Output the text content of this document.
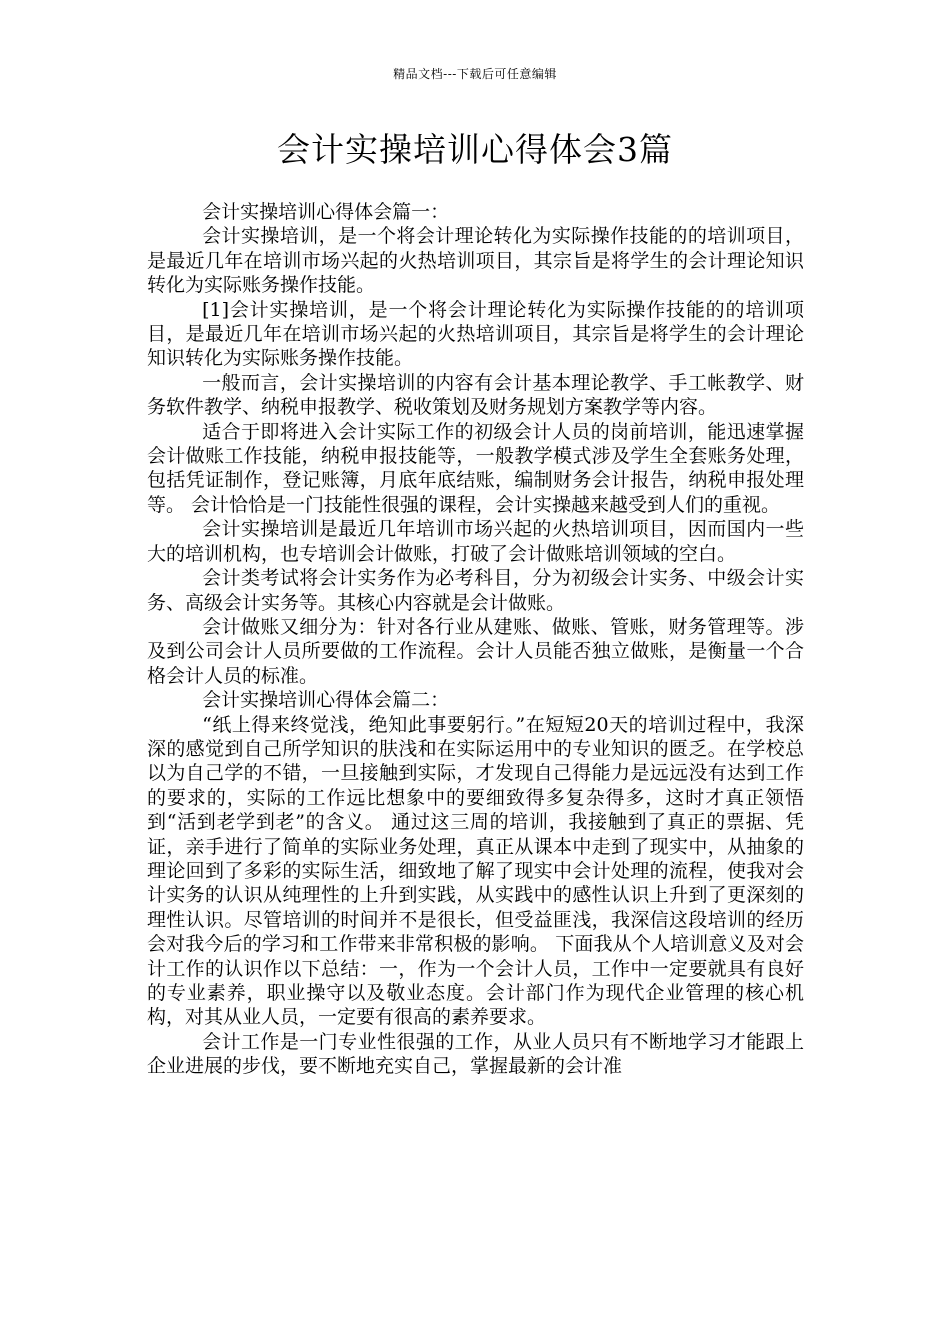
精品文档---下载后可任意编辑
会计实操培训心得体会3篇

会计实操培训心得体会篇一：

会计实操培训，是一个将会计理论转化为实际操作技能的的培训项目，是最近几年在培训市场兴起的火热培训项目，其宗旨是将学生的会计理论知识转化为实际账务操作技能。

[1]会计实操培训，是一个将会计理论转化为实际操作技能的的培训项目，是最近几年在培训市场兴起的火热培训项目，其宗旨是将学生的会计理论知识转化为实际账务操作技能。

一般而言，会计实操培训的内容有会计基本理论教学、手工帐教学、财务软件教学、纳税申报教学、税收策划及财务规划方案教学等内容。

适合于即将进入会计实际工作的初级会计人员的岗前培训，能迅速掌握会计做账工作技能，纳税申报技能等，一般教学模式涉及学生全套账务处理，包括凭证制作，登记账簿，月底年底结账，编制财务会计报告，纳税申报处理等。 会计恰恰是一门技能性很强的课程，会计实操越来越受到人们的重视。

会计实操培训是最近几年培训市场兴起的火热培训项目，因而国内一些大的培训机构，也专培训会计做账，打破了会计做账培训领域的空白。

会计类考试将会计实务作为必考科目，分为初级会计实务、中级会计实务、高级会计实务等。其核心内容就是会计做账。

会计做账又细分为：针对各行业从建账、做账、管账，财务管理等。涉及到公司会计人员所要做的工作流程。会计人员能否独立做账，是衡量一个合格会计人员的标准。

会计实操培训心得体会篇二：

“纸上得来终觉浅，绝知此事要躬行。”在短短20天的培训过程中，我深深的感觉到自己所学知识的肤浅和在实际运用中的专业知识的匮乏。在学校总以为自己学的不错，一旦接触到实际，才发现自己得能力是远远没有达到工作的要求的，实际的工作远比想象中的要细致得多复杂得多，这时才真正领悟到“活到老学到老”的含义。 通过这三周的培训，我接触到了真正的票据、凭证，亲手进行了简单的实际业务处理，真正从课本中走到了现实中，从抽象的理论回到了多彩的实际生活，细致地了解了现实中会计处理的流程，使我对会计实务的认识从纯理性的上升到实践，从实践中的感性认识上升到了更深刻的理性认识。尽管培训的时间并不是很长，但受益匪浅，我深信这段培训的经历会对我今后的学习和工作带来非常积极的影响。 下面我从个人培训意义及对会计工作的认识作以下总结：一，作为一个会计人员，工作中一定要就具有良好的专业素养，职业操守以及敬业态度。会计部门作为现代企业管理的核心机构，对其从业人员，一定要有很高的素养要求。

会计工作是一门专业性很强的工作，从业人员只有不断地学习才能跟上企业进展的步伐，要不断地充实自己，掌握最新的会计准
